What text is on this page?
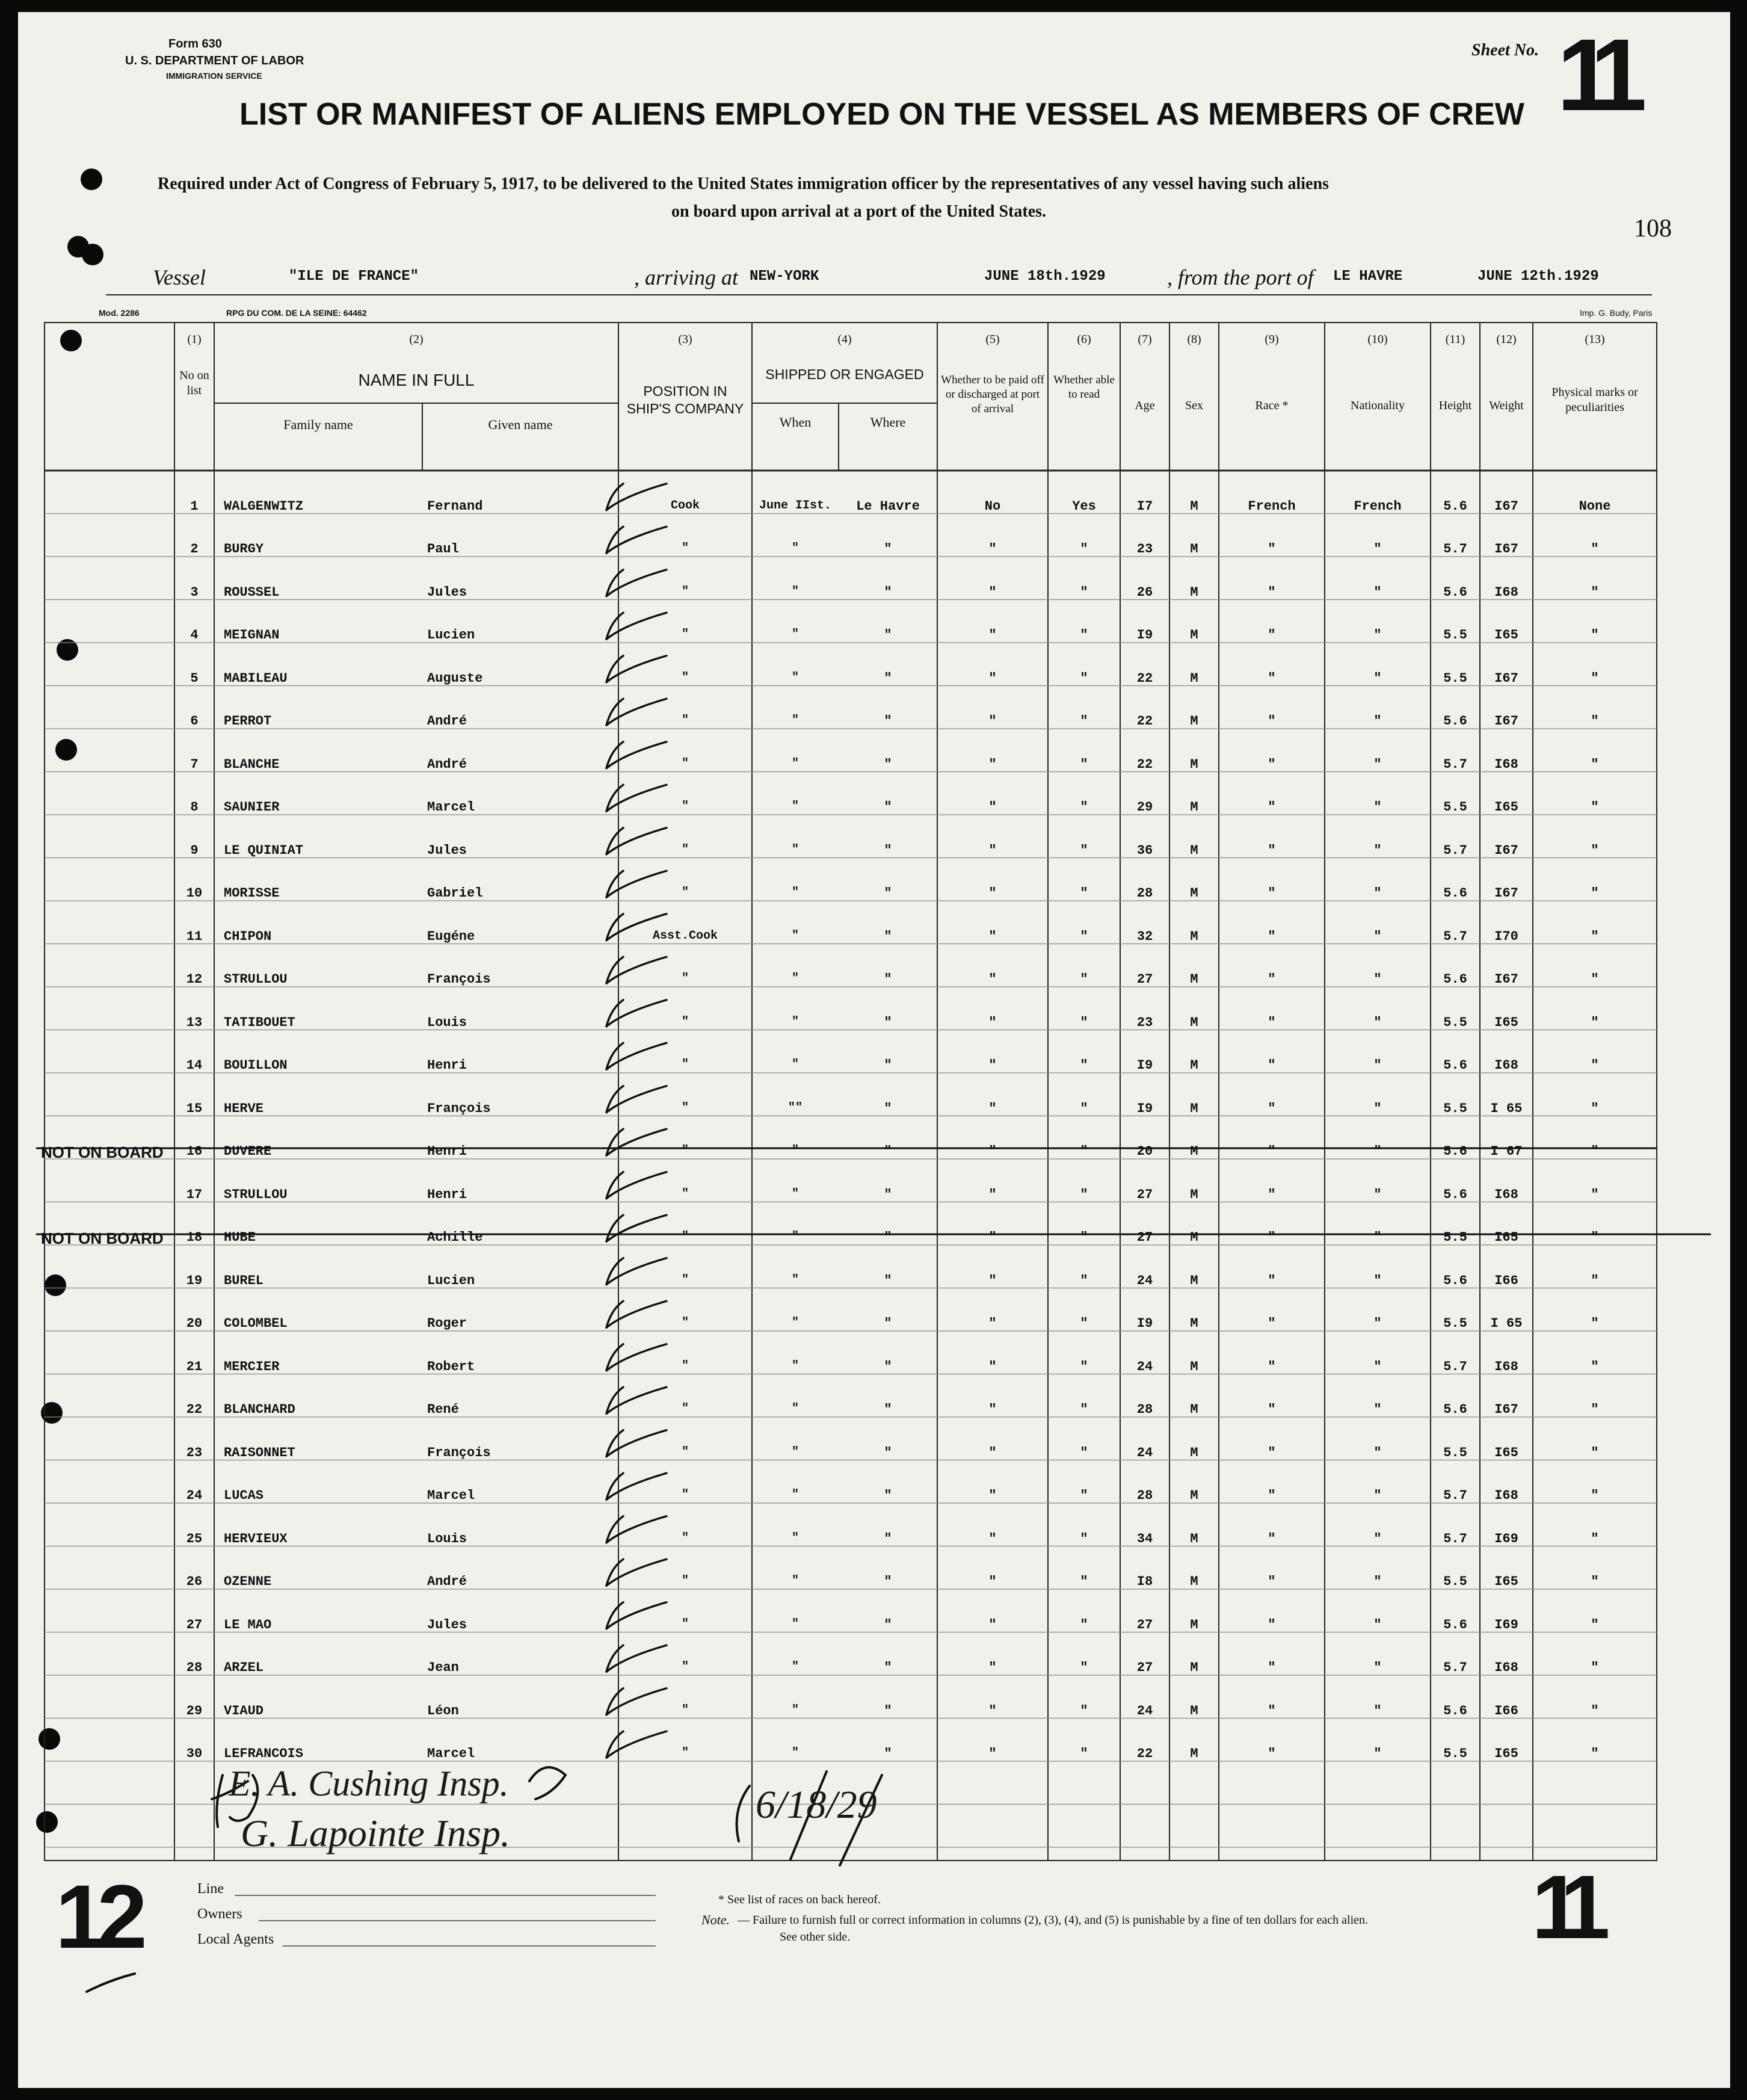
Form 630
U. S. DEPARTMENT OF LABOR
IMMIGRATION SERVICE
Sheet No. 11
LIST OR MANIFEST OF ALIENS EMPLOYED ON THE VESSEL AS MEMBERS OF CREW
Required under Act of Congress of February 5, 1917, to be delivered to the United States immigration officer by the representatives of any vessel having such aliens
on board upon arrival at a port of the United States.
108
Vessel	"ILE DE FRANCE"	, arriving at NEW-YORK	JUNE 18th.1929	, from the port of LE HAVRE	JUNE 12th.1929
Mod. 2286	RPG DU COM. DE LA SEINE: 64462	Imp. G. Budy, Paris
(1)
No on list
(2)
NAME IN FULL
Family name	Given name
(3)
POSITION IN SHIP'S COMPANY
(4)
SHIPPED OR ENGAGED
When	Where
(5)
Whether to be paid off or discharged at port of arrival
(6)
Whether able to read
(7)
Age
(8)
Sex
(9)
Race *
(10)
Nationality
(11)
Height
(12)
Weight
(13)
Physical marks or peculiarities
1	WALGENWITZ	Fernand	Cook	June IIst.	Le Havre	No	Yes	I7	M	French	French	5.6	I67	None
2	BURGY	Paul	"	"	"	"	"	23	M	"	"	5.7	I67	"
3	ROUSSEL	Jules	"	"	"	"	"	26	M	"	"	5.6	I68	"
4	MEIGNAN	Lucien	"	"	"	"	"	I9	M	"	"	5.5	I65	"
5	MABILEAU	Auguste	"	"	"	"	"	22	M	"	"	5.5	I67	"
6	PERROT	André	"	"	"	"	"	22	M	"	"	5.6	I67	"
7	BLANCHE	André	"	"	"	"	"	22	M	"	"	5.7	I68	"
8	SAUNIER	Marcel	"	"	"	"	"	29	M	"	"	5.5	I65	"
9	LE QUINIAT	Jules	"	"	"	"	"	36	M	"	"	5.7	I67	"
10	MORISSE	Gabriel	"	"	"	"	"	28	M	"	"	5.6	I67	"
11	CHIPON	Eugéne	Asst.Cook	"	"	"	"	32	M	"	"	5.7	I70	"
12	STRULLOU	François	"	"	"	"	"	27	M	"	"	5.6	I67	"
13	TATIBOUET	Louis	"	"	"	"	"	23	M	"	"	5.5	I65	"
14	BOUILLON	Henri	"	"	"	"	"	I9	M	"	"	5.6	I68	"
15	HERVE	François	"	""	"	"	"	I9	M	"	"	5.5	I 65	"
16	DUVERE	Henri	"	"	"	"	"	20	M	"	"	5.6	I 67	"
NOT ON BOARD
17	STRULLOU	Henri	"	"	"	"	"	27	M	"	"	5.6	I68	"
18	HUBE	Achille	"	"	"	"	"	27	M	"	"	5.5	I65	"
NOT ON BOARD
19	BUREL	Lucien	"	"	"	"	"	24	M	"	"	5.6	I66	"
20	COLOMBEL	Roger	"	"	"	"	"	I9	M	"	"	5.5	I 65	"
21	MERCIER	Robert	"	"	"	"	"	24	M	"	"	5.7	I68	"
22	BLANCHARD	René	"	"	"	"	"	28	M	"	"	5.6	I67	"
23	RAISONNET	François	"	"	"	"	"	24	M	"	"	5.5	I65	"
24	LUCAS	Marcel	"	"	"	"	"	28	M	"	"	5.7	I68	"
25	HERVIEUX	Louis	"	"	"	"	"	34	M	"	"	5.7	I69	"
26	OZENNE	André	"	"	"	"	"	I8	M	"	"	5.5	I65	"
27	LE MAO	Jules	"	"	"	"	"	27	M	"	"	5.6	I69	"
28	ARZEL	Jean	"	"	"	"	"	27	M	"	"	5.7	I68	"
29	VIAUD	Léon	"	"	"	"	"	24	M	"	"	5.6	I66	"
30	LEFRANCOIS	Marcel	"	"	"	"	"	22	M	"	"	5.5	I65	"
E. A. Cushing Insp.	6/18/29
G. Lapointe Insp.
Line
Owners
Local Agents
* See list of races on back hereof.
Note. — Failure to furnish full or correct information in columns (2), (3), (4), and (5) is punishable by a fine of ten dollars for each alien.
See other side.
12	11
